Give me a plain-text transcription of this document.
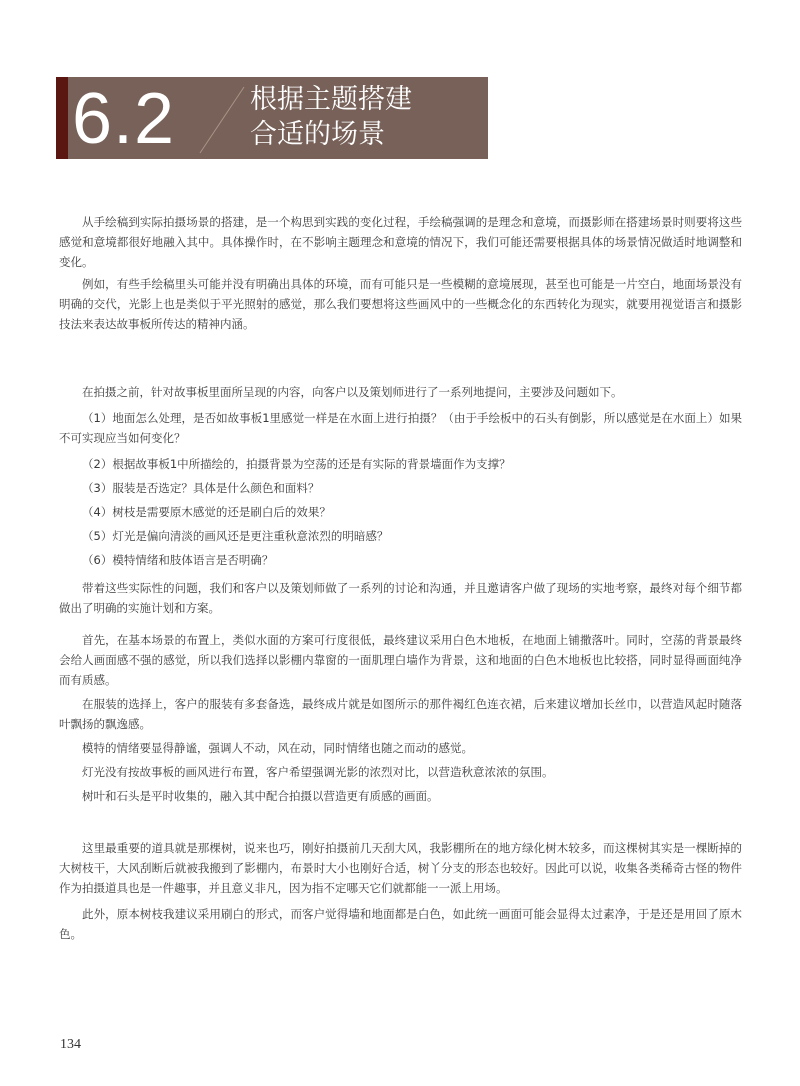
6.2	根据主题搭建
合适的场景

从手绘稿到实际拍摄场景的搭建，是一个构思到实践的变化过程，手绘稿强调的是理念和意境，而摄影师在搭建场景时则要将这些感觉和意境都很好地融入其中。具体操作时，在不影响主题理念和意境的情况下，我们可能还需要根据具体的场景情况做适时地调整和变化。

例如，有些手绘稿里头可能并没有明确出具体的环境，而有可能只是一些模糊的意境展现，甚至也可能是一片空白，地面场景没有明确的交代，光影上也是类似于平光照射的感觉，那么我们要想将这些画风中的一些概念化的东西转化为现实，就要用视觉语言和摄影技法来表达故事板所传达的精神内涵。

在拍摄之前，针对故事板里面所呈现的内容，向客户以及策划师进行了一系列地提问，主要涉及问题如下。

（1）地面怎么处理，是否如故事板1里感觉一样是在水面上进行拍摄？（由于手绘板中的石头有倒影，所以感觉是在水面上）如果不可实现应当如何变化？

（2）根据故事板1中所描绘的，拍摄背景为空荡的还是有实际的背景墙面作为支撑？

（3）服装是否选定？具体是什么颜色和面料？

（4）树枝是需要原木感觉的还是刷白后的效果？

（5）灯光是偏向清淡的画风还是更注重秋意浓烈的明暗感？

（6）模特情绪和肢体语言是否明确？

带着这些实际性的问题，我们和客户以及策划师做了一系列的讨论和沟通，并且邀请客户做了现场的实地考察，最终对每个细节都做出了明确的实施计划和方案。

首先，在基本场景的布置上，类似水面的方案可行度很低，最终建议采用白色木地板，在地面上铺撒落叶。同时，空荡的背景最终会给人画面感不强的感觉，所以我们选择以影棚内靠窗的一面肌理白墙作为背景，这和地面的白色木地板也比较搭，同时显得画面纯净而有质感。

在服装的选择上，客户的服装有多套备选，最终成片就是如图所示的那件褐红色连衣裙，后来建议增加长丝巾，以营造风起时随落叶飘扬的飘逸感。

模特的情绪要显得静谧，强调人不动，风在动，同时情绪也随之而动的感觉。

灯光没有按故事板的画风进行布置，客户希望强调光影的浓烈对比，以营造秋意浓浓的氛围。

树叶和石头是平时收集的，融入其中配合拍摄以营造更有质感的画面。

这里最重要的道具就是那棵树，说来也巧，刚好拍摄前几天刮大风，我影棚所在的地方绿化树木较多，而这棵树其实是一棵断掉的大树枝干，大风刮断后就被我搬到了影棚内，布景时大小也刚好合适，树丫分支的形态也较好。因此可以说，收集各类稀奇古怪的物件作为拍摄道具也是一件趣事，并且意义非凡，因为指不定哪天它们就都能一一派上用场。

此外，原本树枝我建议采用刷白的形式，而客户觉得墙和地面都是白色，如此统一画面可能会显得太过素净，于是还是用回了原木色。

134
